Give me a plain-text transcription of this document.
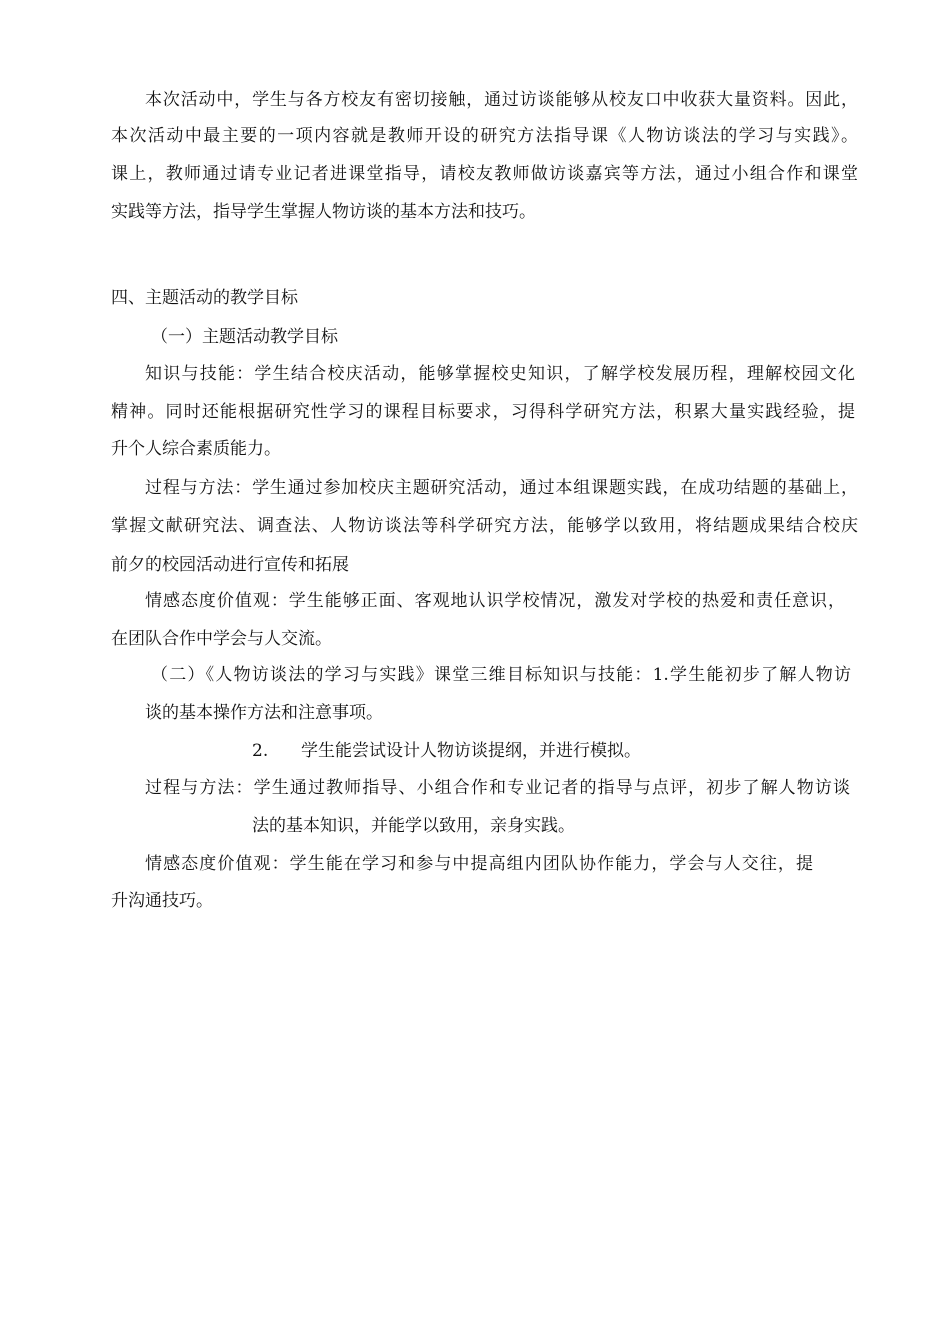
本次活动中，学生与各方校友有密切接触，通过访谈能够从校友口中收获大量资料。因此，

本次活动中最主要的一项内容就是教师开设的研究方法指导课《人物访谈法的学习与实践》。

课上，教师通过请专业记者进课堂指导，请校友教师做访谈嘉宾等方法，通过小组合作和课堂

实践等方法，指导学生掌握人物访谈的基本方法和技巧。

四、主题活动的教学目标

（一）主题活动教学目标

知识与技能：学生结合校庆活动，能够掌握校史知识，了解学校发展历程，理解校园文化

精神。同时还能根据研究性学习的课程目标要求，习得科学研究方法，积累大量实践经验，提

升个人综合素质能力。

过程与方法：学生通过参加校庆主题研究活动，通过本组课题实践，在成功结题的基础上，

掌握文献研究法、调查法、人物访谈法等科学研究方法，能够学以致用，将结题成果结合校庆

前夕的校园活动进行宣传和拓展

情感态度价值观：学生能够正面、客观地认识学校情况，激发对学校的热爱和责任意识，

在团队合作中学会与人交流。

（二）《人物访谈法的学习与实践》课堂三维目标知识与技能：1.学生能初步了解人物访

谈的基本操作方法和注意事项。

2. 学生能尝试设计人物访谈提纲，并进行模拟。

过程与方法：学生通过教师指导、小组合作和专业记者的指导与点评，初步了解人物访谈

法的基本知识，并能学以致用，亲身实践。

情感态度价值观：学生能在学习和参与中提高组内团队协作能力，学会与人交往，提

升沟通技巧。
